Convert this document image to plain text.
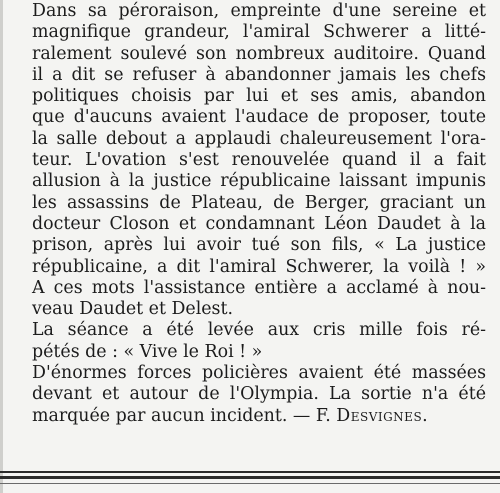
Dans sa péroraison, empreinte d'une sereine et
magnifique grandeur, l'amiral Schwerer a litté-
ralement soulevé son nombreux auditoire. Quand
il a dit se refuser à abandonner jamais les chefs
politiques choisis par lui et ses amis, abandon
que d'aucuns avaient l'audace de proposer, toute
la salle debout a applaudi chaleureusement l'ora-
teur. L'ovation s'est renouvelée quand il a fait
allusion à la justice républicaine laissant impunis
les assassins de Plateau, de Berger, graciant un
docteur Closon et condamnant Léon Daudet à la
prison, après lui avoir tué son fils, « La justice
républicaine, a dit l'amiral Schwerer, la voilà ! »
A ces mots l'assistance entière a acclamé à nou-
veau Daudet et Delest.

La séance a été levée aux cris mille fois ré-
pétés de : « Vive le Roi ! »

D'énormes forces policières avaient été massées
devant et autour de l'Olympia. La sortie n'a été
marquée par aucun incident. — F. Desvignes.
